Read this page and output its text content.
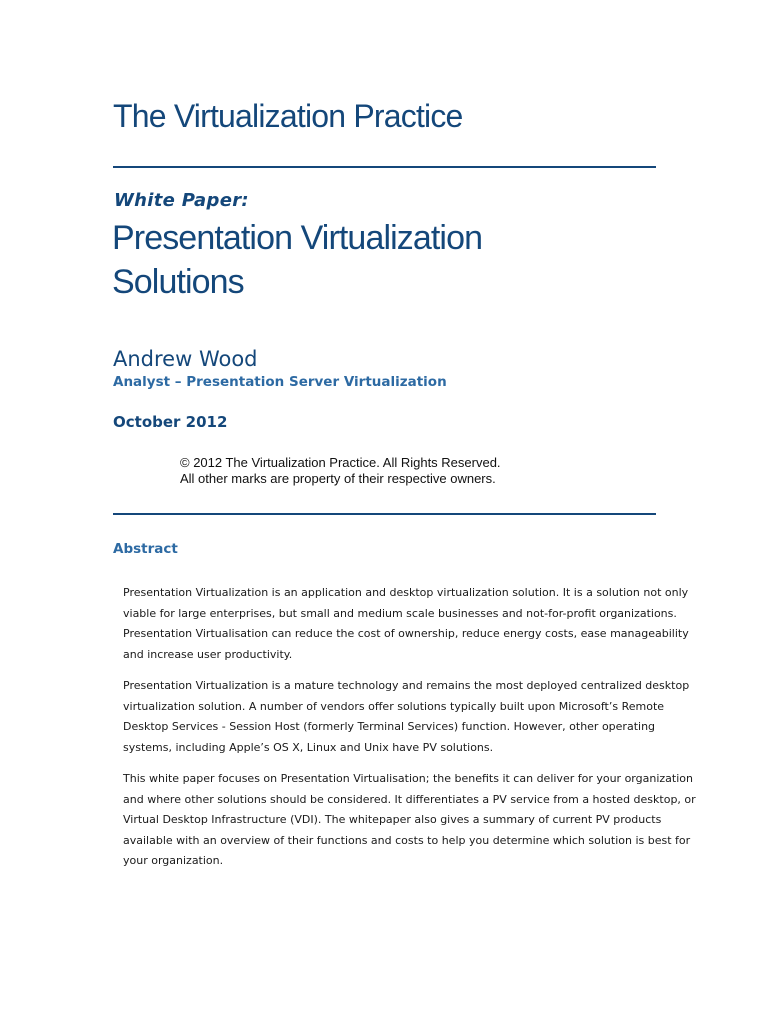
The Virtualization Practice
White Paper:
Presentation Virtualization
Solutions
Andrew Wood
Analyst – Presentation Server Virtualization
October 2012
© 2012 The Virtualization Practice. All Rights Reserved.
All other marks are property of their respective owners.
Abstract

Presentation Virtualization is an application and desktop virtualization solution. It is a solution not only
viable for large enterprises, but small and medium scale businesses and not-for-profit organizations.
Presentation Virtualisation can reduce the cost of ownership, reduce energy costs, ease manageability
and increase user productivity.

Presentation Virtualization is a mature technology and remains the most deployed centralized desktop
virtualization solution. A number of vendors offer solutions typically built upon Microsoft’s Remote
Desktop Services - Session Host (formerly Terminal Services) function. However, other operating
systems, including Apple’s OS X, Linux and Unix have PV solutions.

This white paper focuses on Presentation Virtualisation; the benefits it can deliver for your organization
and where other solutions should be considered. It differentiates a PV service from a hosted desktop, or
Virtual Desktop Infrastructure (VDI). The whitepaper also gives a summary of current PV products
available with an overview of their functions and costs to help you determine which solution is best for
your organization.
